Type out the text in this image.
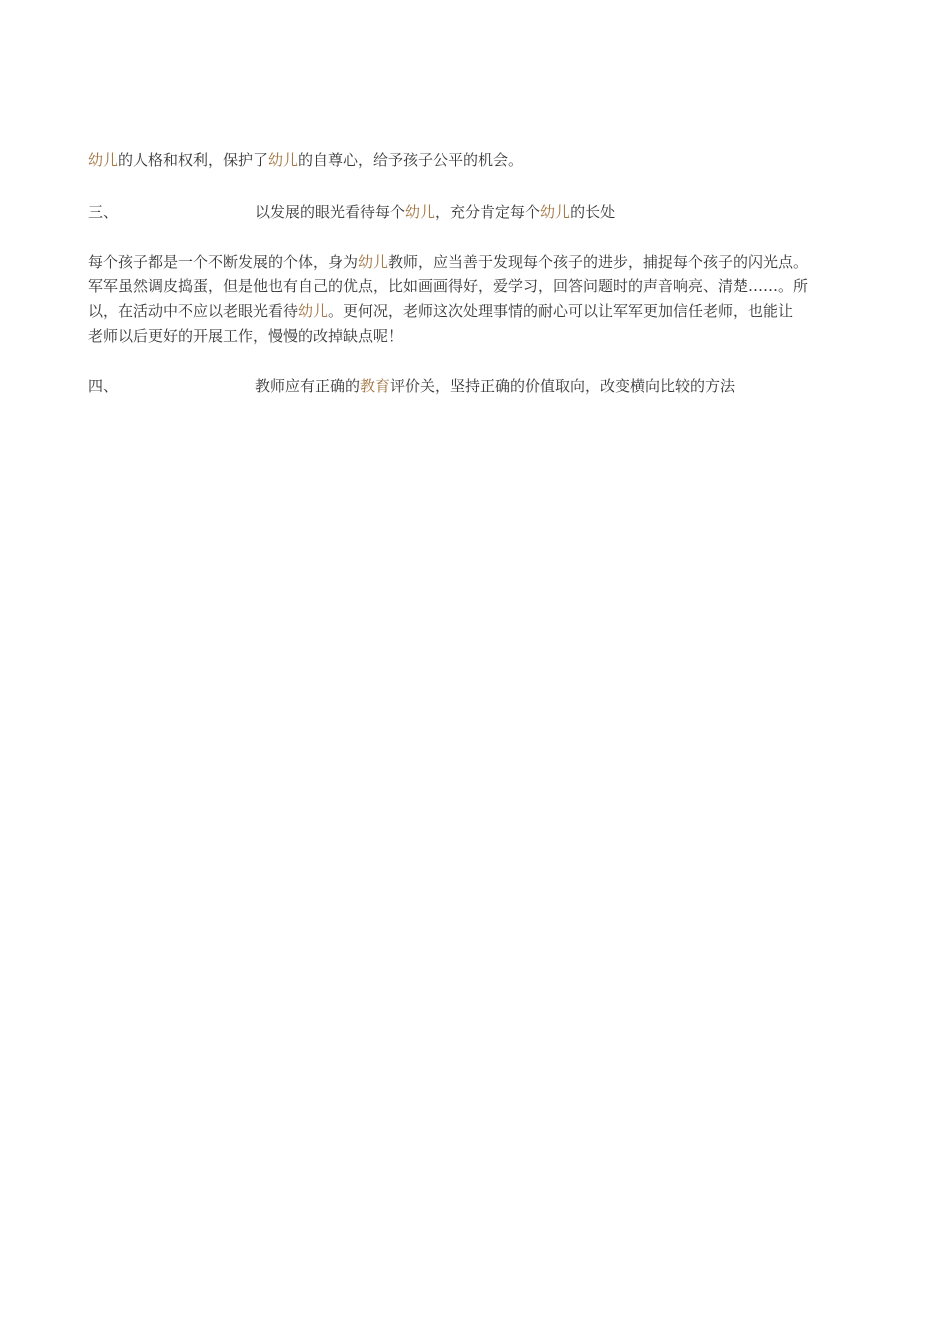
幼儿的人格和权利，保护了幼儿的自尊心，给予孩子公平的机会。
三、	以发展的眼光看待每个幼儿，充分肯定每个幼儿的长处
每个孩子都是一个不断发展的个体，身为幼儿教师，应当善于发现每个孩子的进步，捕捉每个孩子的闪光点。
军军虽然调皮捣蛋，但是他也有自己的优点，比如画画得好，爱学习，回答问题时的声音响亮、清楚……。所
以，在活动中不应以老眼光看待幼儿。更何况，老师这次处理事情的耐心可以让军军更加信任老师，也能让
老师以后更好的开展工作，慢慢的改掉缺点呢！
四、	教师应有正确的教育评价关，坚持正确的价值取向，改变横向比较的方法
